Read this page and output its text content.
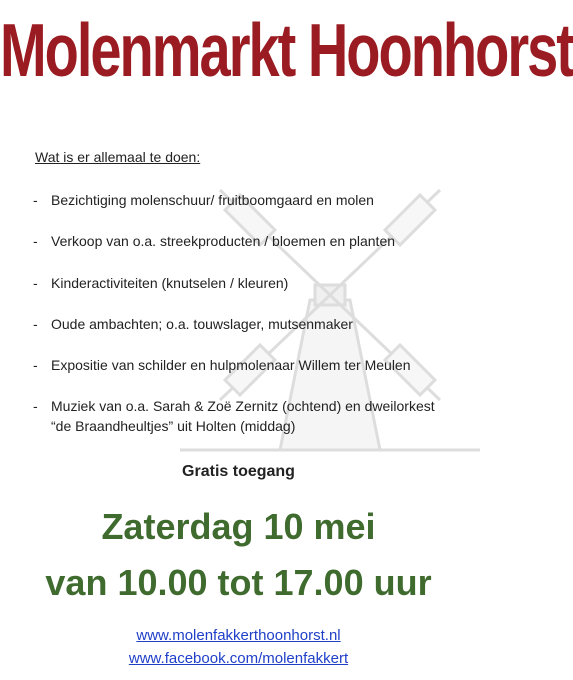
Molenmarkt Hoonhorst
Wat is er allemaal te doen:
- Bezichtiging molenschuur/ fruitboomgaard en molen
- Verkoop van o.a. streekproducten / bloemen en planten
- Kinderactiviteiten (knutselen / kleuren)
- Oude ambachten; o.a. touwslager, mutsenmaker
- Expositie van schilder en hulpmolenaar Willem ter Meulen
- Muziek van o.a. Sarah & Zoë Zernitz (ochtend) en dweilorkest “de Braandheultjes” uit Holten (middag)
Gratis toegang
Zaterdag 10 mei
van 10.00 tot 17.00 uur
www.molenfakkerthoonhorst.nl
www.facebook.com/molenfakkert
